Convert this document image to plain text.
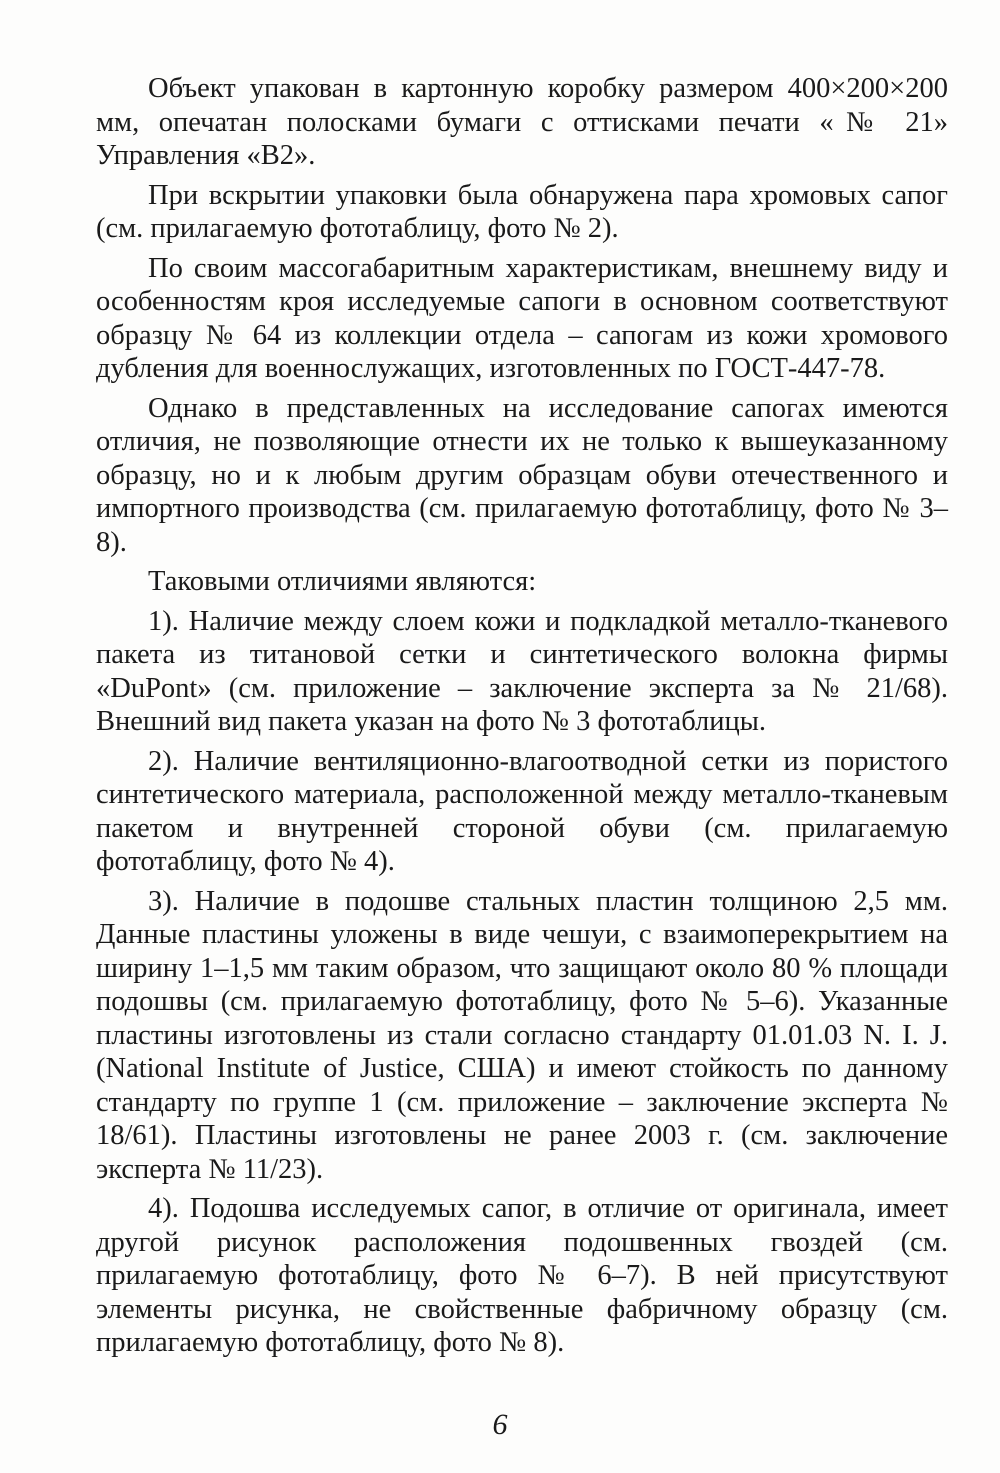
Объект упакован в картонную коробку размером 400×200×200 мм, опечатан полосками бумаги с оттисками печати «№ 21» Управления «В2».

При вскрытии упаковки была обнаружена пара хромовых сапог (см. прилагаемую фототаблицу, фото № 2).

По своим массогабаритным характеристикам, внешнему виду и особенностям кроя исследуемые сапоги в основном соответствуют образцу № 64 из коллекции отдела – сапогам из кожи хромового дубления для военнослужащих, изготовленных по ГОСТ-447-78.

Однако в представленных на исследование сапогах имеются отличия, не позволяющие отнести их не только к вышеуказанному образцу, но и к любым другим образцам обуви отечественного и импортного производства (см. прилагаемую фототаблицу, фото № 3–8).

Таковыми отличиями являются:

1). Наличие между слоем кожи и подкладкой металло-тканевого пакета из титановой сетки и синтетического волокна фирмы «DuPont» (см. приложение – заключение эксперта за № 21/68). Внешний вид пакета указан на фото № 3 фототаблицы.

2). Наличие вентиляционно-влагоотводной сетки из пористого синтетического материала, расположенной между металло-тканевым пакетом и внутренней стороной обуви (см. прилагаемую фототаблицу, фото № 4).

3). Наличие в подошве стальных пластин толщиною 2,5 мм. Данные пластины уложены в виде чешуи, с взаимоперекрытием на ширину 1–1,5 мм таким образом, что защищают около 80 % площади подошвы (см. прилагаемую фототаблицу, фото № 5–6). Указанные пластины изготовлены из стали согласно стандарту 01.01.03 N. I. J. (National Institute of Justice, США) и имеют стойкость по данному стандарту по группе 1 (см. приложение – заключение эксперта № 18/61). Пластины изготовлены не ранее 2003 г. (см. заключение эксперта № 11/23).

4). Подошва исследуемых сапог, в отличие от оригинала, имеет другой рисунок расположения подошвенных гвоздей (см. прилагаемую фототаблицу, фото № 6–7). В ней присутствуют элементы рисунка, не свойственные фабричному образцу (см. прилагаемую фототаблицу, фото № 8).

6
